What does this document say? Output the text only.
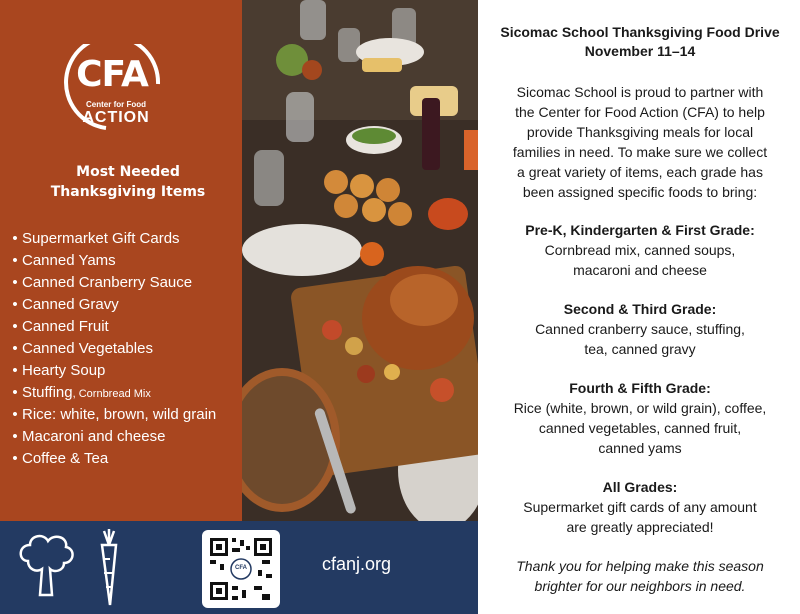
CFA
Center for Food
ACTION
Most Needed
Thanksgiving Items
• Supermarket Gift Cards
• Canned Yams
• Canned Cranberry Sauce
• Canned Gravy
• Canned Fruit
• Canned Vegetables
• Hearty Soup
• Stuffing, Cornbread Mix
• Rice: white, brown, wild grain
• Macaroni and cheese
• Coffee & Tea
CFA	cfanj.org
Sicomac School Thanksgiving Food Drive
November 11–14
Sicomac School is proud to partner with
the Center for Food Action (CFA) to help
provide Thanksgiving meals for local
families in need. To make sure we collect
a great variety of items, each grade has
been assigned specific foods to bring:
Pre-K, Kindergarten & First Grade:
Cornbread mix, canned soups,
macaroni and cheese
Second & Third Grade:
Canned cranberry sauce, stuffing,
tea, canned gravy
Fourth & Fifth Grade:
Rice (white, brown, or wild grain), coffee,
canned vegetables, canned fruit,
canned yams
All Grades:
Supermarket gift cards of any amount
are greatly appreciated!
Thank you for helping make this season
brighter for our neighbors in need.
